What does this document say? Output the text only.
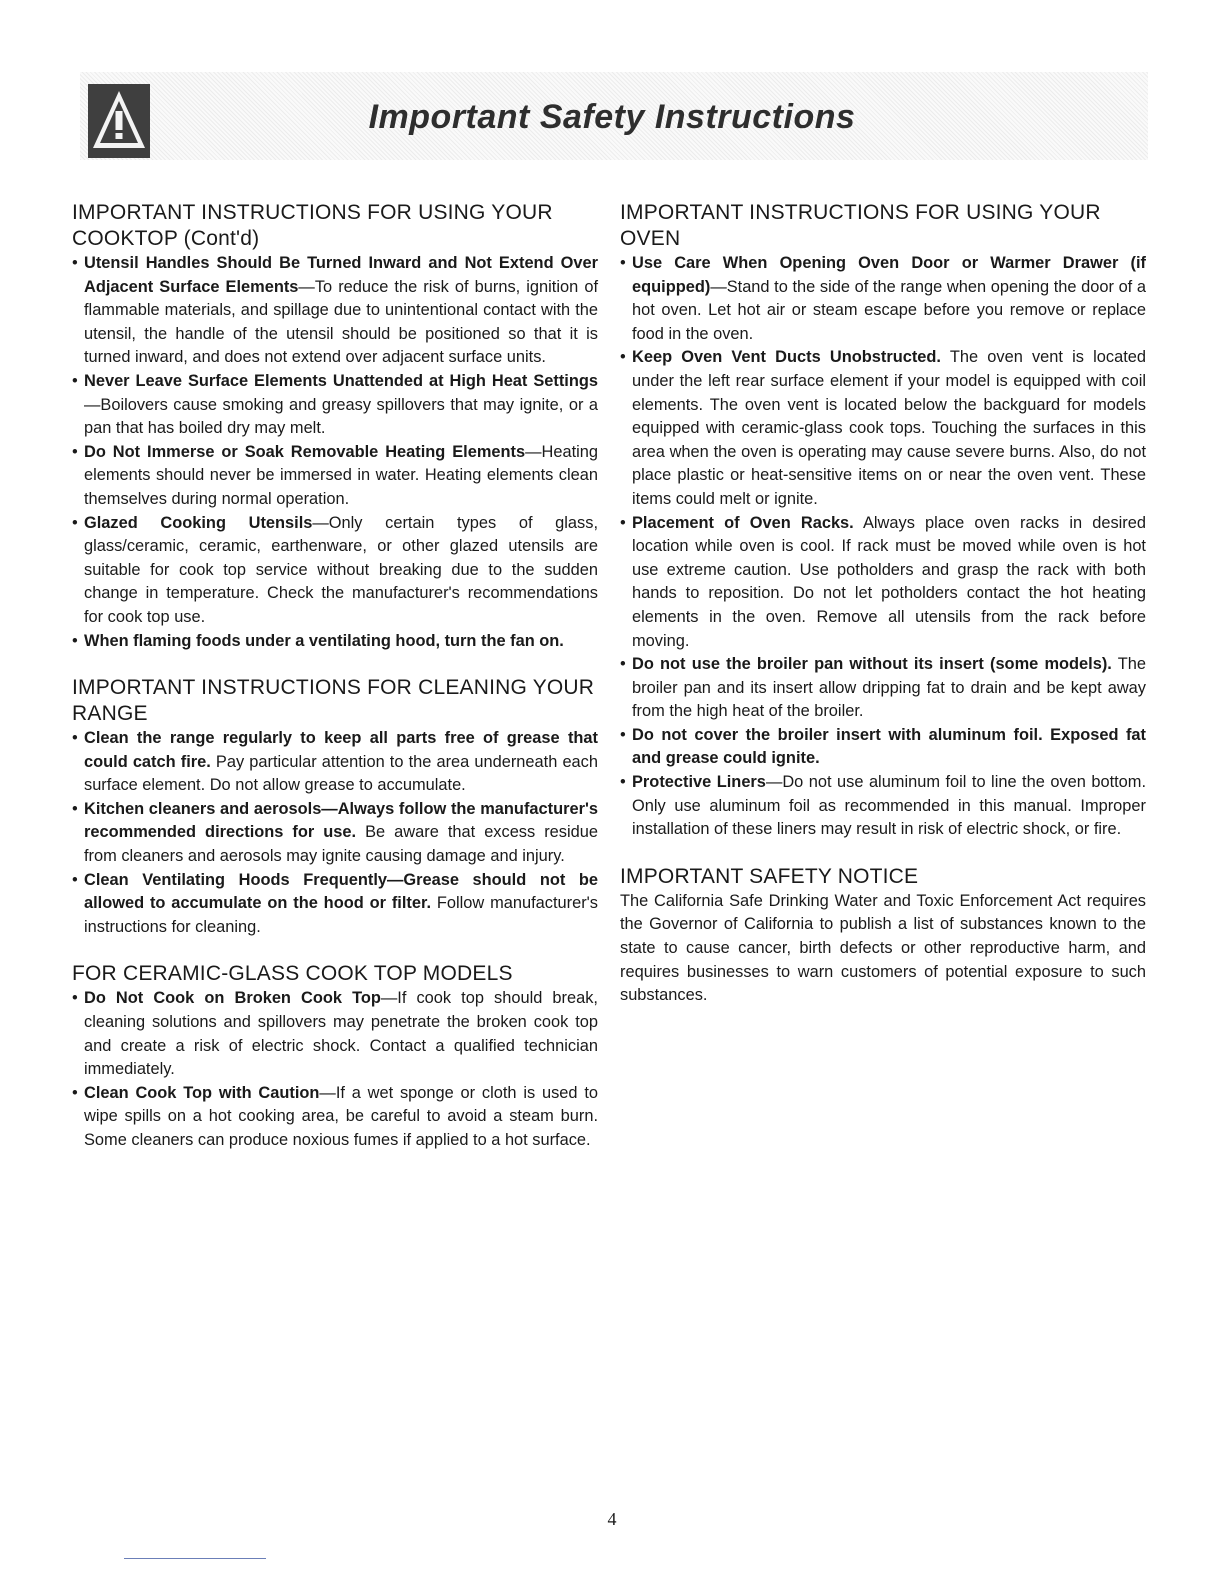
Important Safety Instructions
IMPORTANT INSTRUCTIONS FOR USING YOUR COOKTOP (Cont'd)
• Utensil Handles Should Be Turned Inward and Not Extend Over Adjacent Surface Elements—To reduce the risk of burns, ignition of flammable materials, and spillage due to unintentional contact with the utensil, the handle of the utensil should be positioned so that it is turned inward, and does not extend over adjacent surface units.
• Never Leave Surface Elements Unattended at High Heat Settings—Boilovers cause smoking and greasy spillovers that may ignite, or a pan that has boiled dry may melt.
• Do Not Immerse or Soak Removable Heating Elements—Heating elements should never be immersed in water. Heating elements clean themselves during normal operation.
• Glazed Cooking Utensils—Only certain types of glass, glass/ceramic, ceramic, earthenware, or other glazed utensils are suitable for cook top service without breaking due to the sudden change in temperature. Check the manufacturer's recommendations for cook top use.
• When flaming foods under a ventilating hood, turn the fan on.
IMPORTANT INSTRUCTIONS FOR CLEANING YOUR RANGE
• Clean the range regularly to keep all parts free of grease that could catch fire. Pay particular attention to the area underneath each surface element. Do not allow grease to accumulate.
• Kitchen cleaners and aerosols—Always follow the manufacturer's recommended directions for use. Be aware that excess residue from cleaners and aerosols may ignite causing damage and injury.
• Clean Ventilating Hoods Frequently—Grease should not be allowed to accumulate on the hood or filter. Follow manufacturer's instructions for cleaning.
FOR CERAMIC-GLASS COOK TOP MODELS
• Do Not Cook on Broken Cook Top—If cook top should break, cleaning solutions and spillovers may penetrate the broken cook top and create a risk of electric shock. Contact a qualified technician immediately.
• Clean Cook Top with Caution—If a wet sponge or cloth is used to wipe spills on a hot cooking area, be careful to avoid a steam burn. Some cleaners can produce noxious fumes if applied to a hot surface.
IMPORTANT INSTRUCTIONS FOR USING YOUR OVEN
• Use Care When Opening Oven Door or Warmer Drawer (if equipped)—Stand to the side of the range when opening the door of a hot oven. Let hot air or steam escape before you remove or replace food in the oven.
• Keep Oven Vent Ducts Unobstructed. The oven vent is located under the left rear surface element if your model is equipped with coil elements. The oven vent is located below the backguard for models equipped with ceramic-glass cook tops. Touching the surfaces in this area when the oven is operating may cause severe burns. Also, do not place plastic or heat-sensitive items on or near the oven vent. These items could melt or ignite.
• Placement of Oven Racks. Always place oven racks in desired location while oven is cool. If rack must be moved while oven is hot use extreme caution. Use potholders and grasp the rack with both hands to reposition. Do not let potholders contact the hot heating elements in the oven. Remove all utensils from the rack before moving.
• Do not use the broiler pan without its insert (some models). The broiler pan and its insert allow dripping fat to drain and be kept away from the high heat of the broiler.
• Do not cover the broiler insert with aluminum foil. Exposed fat and grease could ignite.
• Protective Liners—Do not use aluminum foil to line the oven bottom. Only use aluminum foil as recommended in this manual. Improper installation of these liners may result in risk of electric shock, or fire.
IMPORTANT SAFETY NOTICE

The California Safe Drinking Water and Toxic Enforcement Act requires the Governor of California to publish a list of substances known to the state to cause cancer, birth defects or other reproductive harm, and requires businesses to warn customers of potential exposure to such substances.

4
